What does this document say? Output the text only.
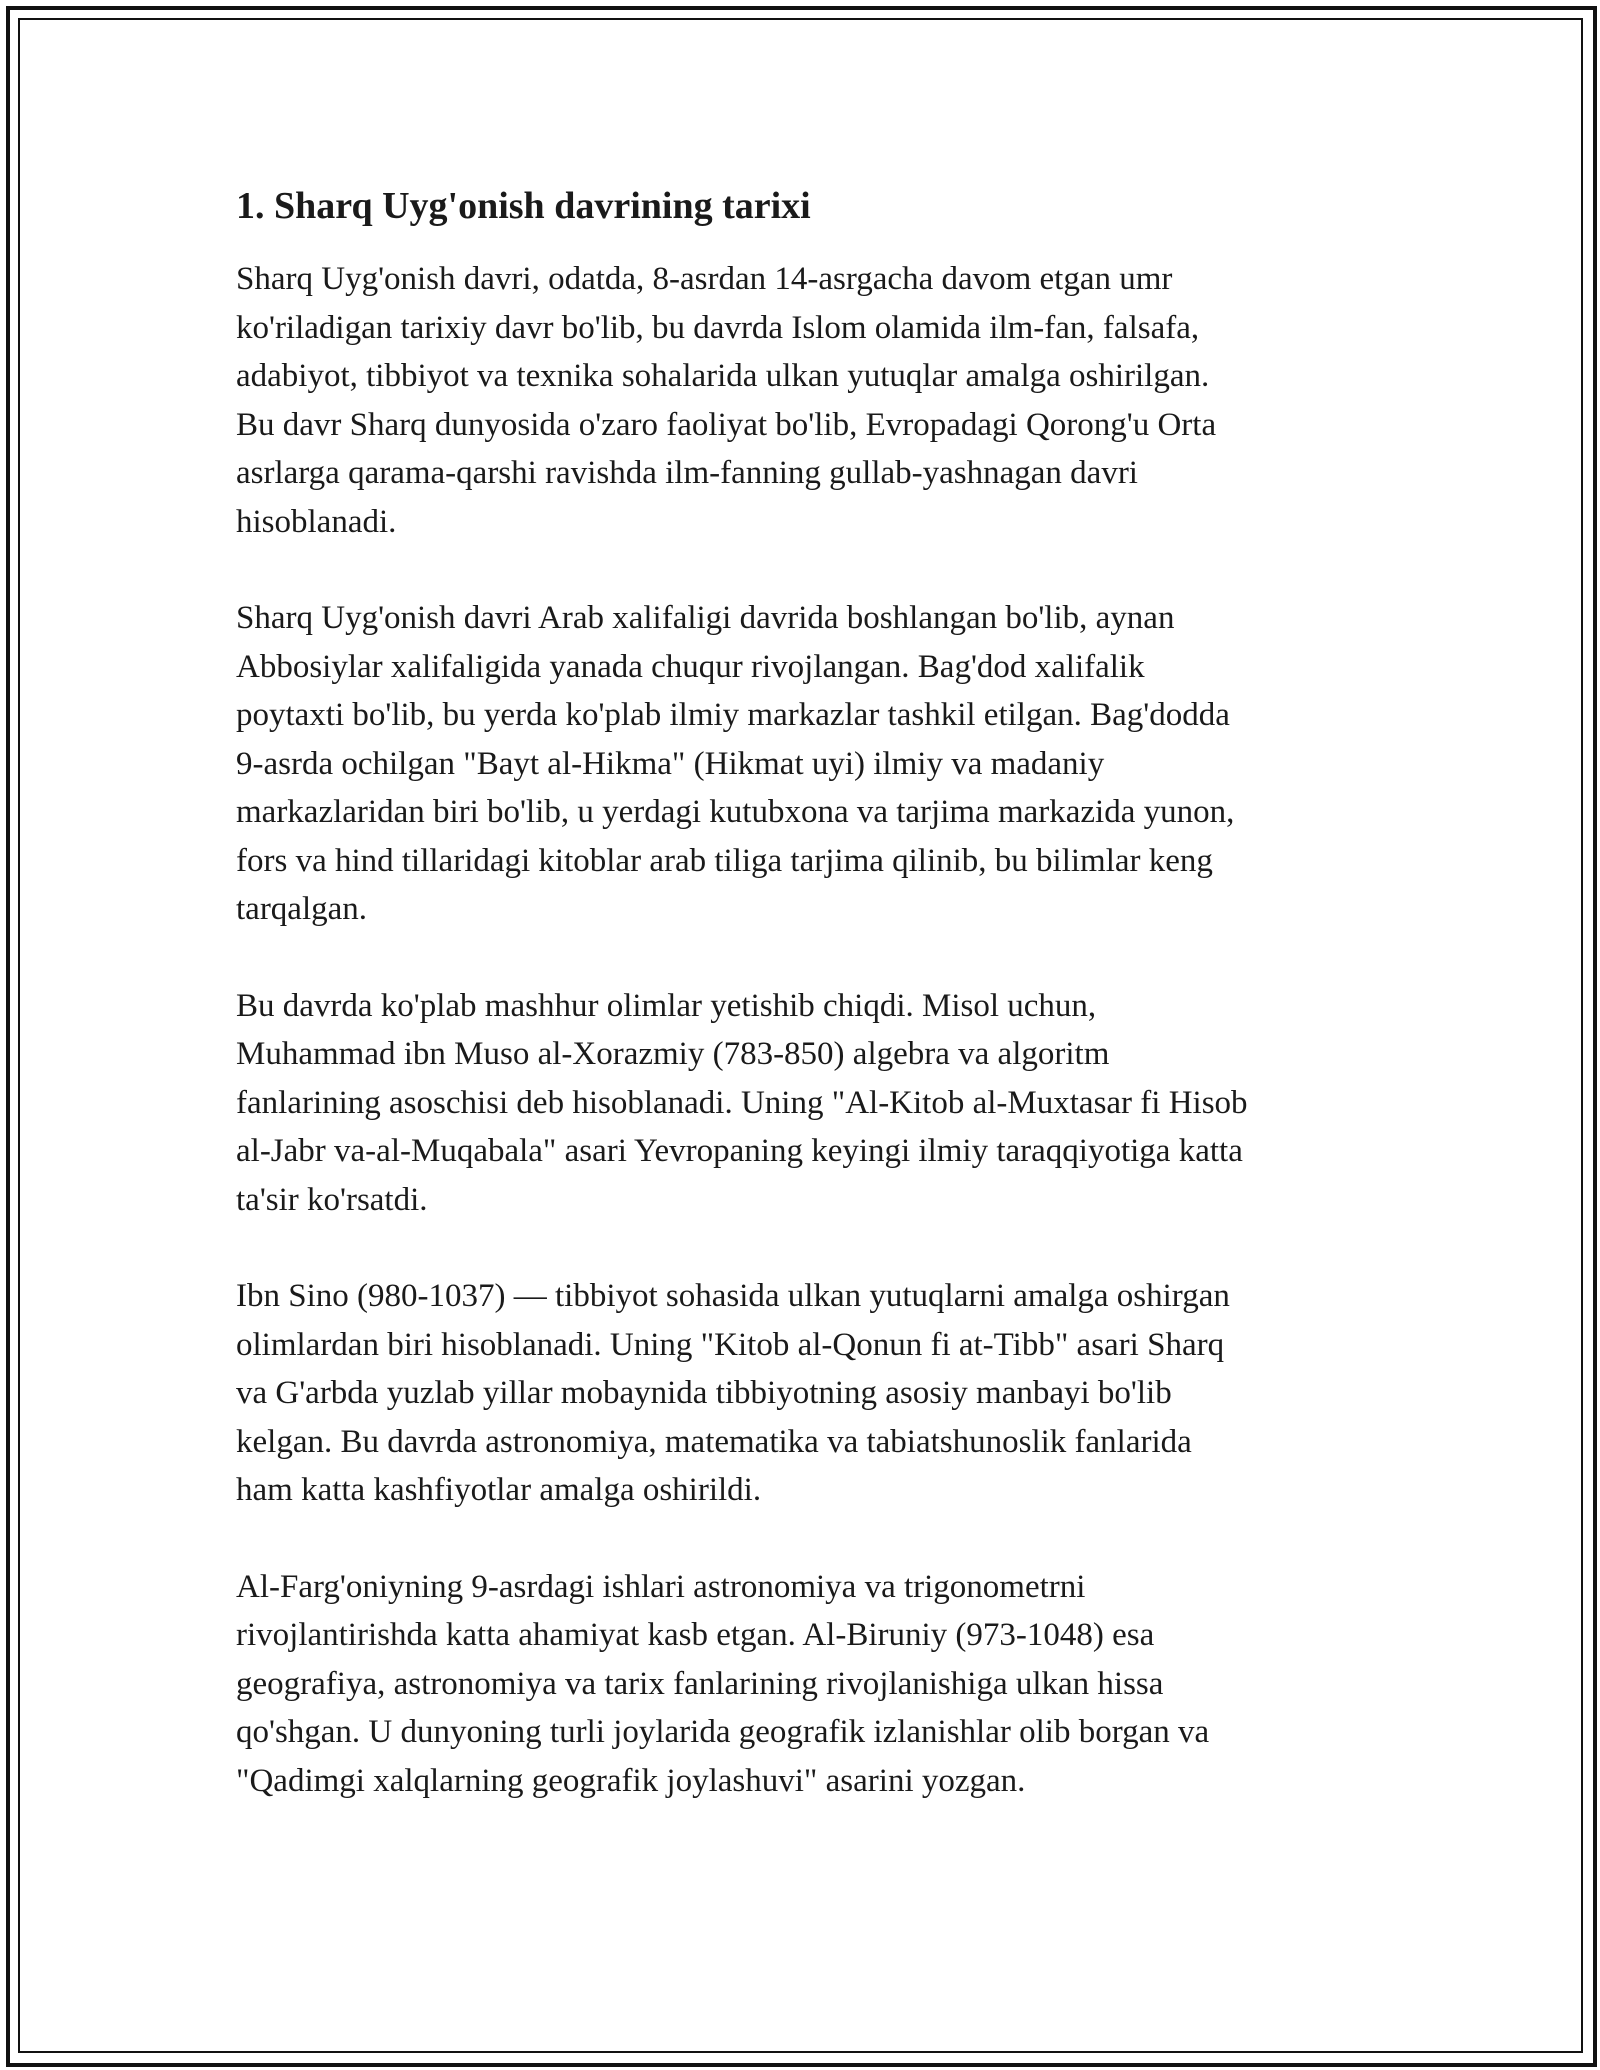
1. Sharq Uyg'onish davrining tarixi

Sharq Uyg'onish davri, odatda, 8-asrdan 14-asrgacha davom etgan umr
ko'riladigan tarixiy davr bo'lib, bu davrda Islom olamida ilm-fan, falsafa,
adabiyot, tibbiyot va texnika sohalarida ulkan yutuqlar amalga oshirilgan.
Bu davr Sharq dunyosida o'zaro faoliyat bo'lib, Evropadagi Qorong'u Orta
asrlarga qarama-qarshi ravishda ilm-fanning gullab-yashnagan davri
hisoblanadi.

Sharq Uyg'onish davri Arab xalifaligi davrida boshlangan bo'lib, aynan
Abbosiylar xalifaligida yanada chuqur rivojlangan. Bag'dod xalifalik
poytaxti bo'lib, bu yerda ko'plab ilmiy markazlar tashkil etilgan. Bag'dodda
9-asrda ochilgan "Bayt al-Hikma" (Hikmat uyi) ilmiy va madaniy
markazlaridan biri bo'lib, u yerdagi kutubxona va tarjima markazida yunon,
fors va hind tillaridagi kitoblar arab tiliga tarjima qilinib, bu bilimlar keng
tarqalgan.

Bu davrda ko'plab mashhur olimlar yetishib chiqdi. Misol uchun,
Muhammad ibn Muso al-Xorazmiy (783-850) algebra va algoritm
fanlarining asoschisi deb hisoblanadi. Uning "Al-Kitob al-Muxtasar fi Hisob
al-Jabr va-al-Muqabala" asari Yevropaning keyingi ilmiy taraqqiyotiga katta
ta'sir ko'rsatdi.

Ibn Sino (980-1037) — tibbiyot sohasida ulkan yutuqlarni amalga oshirgan
olimlardan biri hisoblanadi. Uning "Kitob al-Qonun fi at-Tibb" asari Sharq
va G'arbda yuzlab yillar mobaynida tibbiyotning asosiy manbayi bo'lib
kelgan. Bu davrda astronomiya, matematika va tabiatshunoslik fanlarida
ham katta kashfiyotlar amalga oshirildi.

Al-Farg'oniyning 9-asrdagi ishlari astronomiya va trigonometrni
rivojlantirishda katta ahamiyat kasb etgan. Al-Biruniy (973-1048) esa
geografiya, astronomiya va tarix fanlarining rivojlanishiga ulkan hissa
qo'shgan. U dunyoning turli joylarida geografik izlanishlar olib borgan va
"Qadimgi xalqlarning geografik joylashuvi" asarini yozgan.
